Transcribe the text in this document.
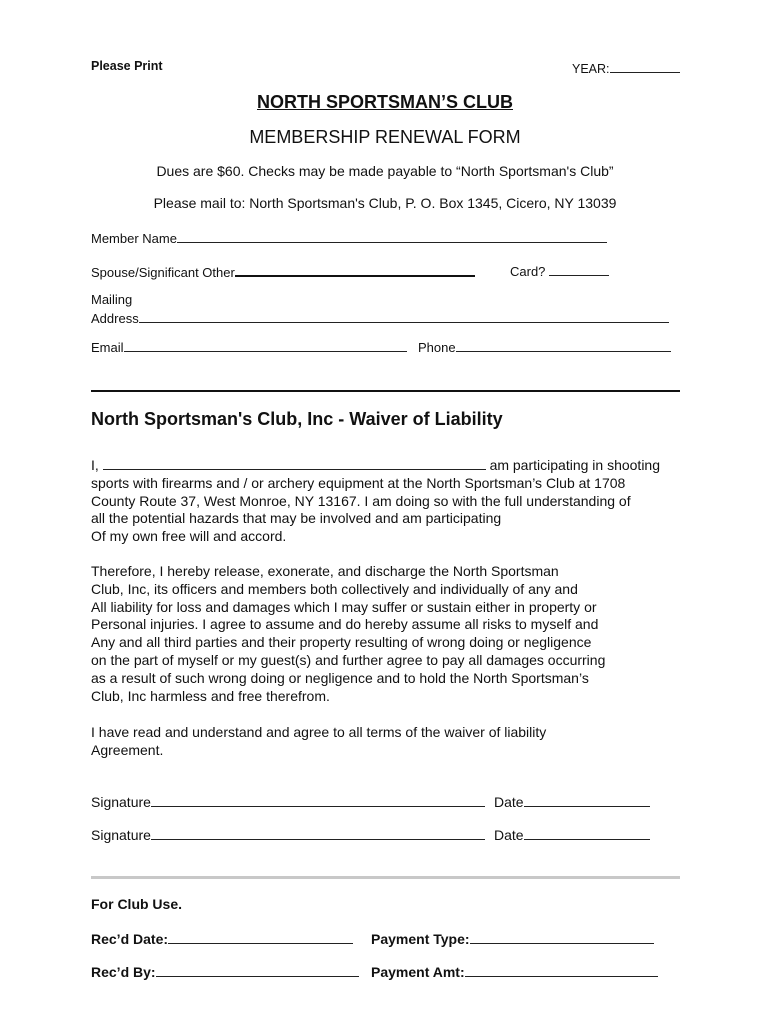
Please Print	YEAR:
NORTH SPORTSMAN’S CLUB
MEMBERSHIP RENEWAL FORM
Dues are $60. Checks may be made payable to “North Sportsman's Club”
Please mail to: North Sportsman's Club, P. O. Box 1345, Cicero, NY 13039
Member Name
Spouse/Significant Other	Card?
Mailing
Address
Email	Phone
North Sportsman's Club, Inc - Waiver of Liability
I,	am participating in shooting
sports with firearms and / or archery equipment at the North Sportsman’s Club at 1708
County Route 37, West Monroe, NY 13167. I am doing so with the full understanding of
all the potential hazards that may be involved and am participating
Of my own free will and accord.
Therefore, I hereby release, exonerate, and discharge the North Sportsman
Club, Inc, its officers and members both collectively and individually of any and
All liability for loss and damages which I may suffer or sustain either in property or
Personal injuries. I agree to assume and do hereby assume all risks to myself and
Any and all third parties and their property resulting of wrong doing or negligence
on the part of myself or my guest(s) and further agree to pay all damages occurring
as a result of such wrong doing or negligence and to hold the North Sportsman’s
Club, Inc harmless and free therefrom.
I have read and understand and agree to all terms of the waiver of liability
Agreement.
Signature	Date
Signature	Date
For Club Use.
Rec’d Date:	Payment Type:
Rec’d By:	Payment Amt:
